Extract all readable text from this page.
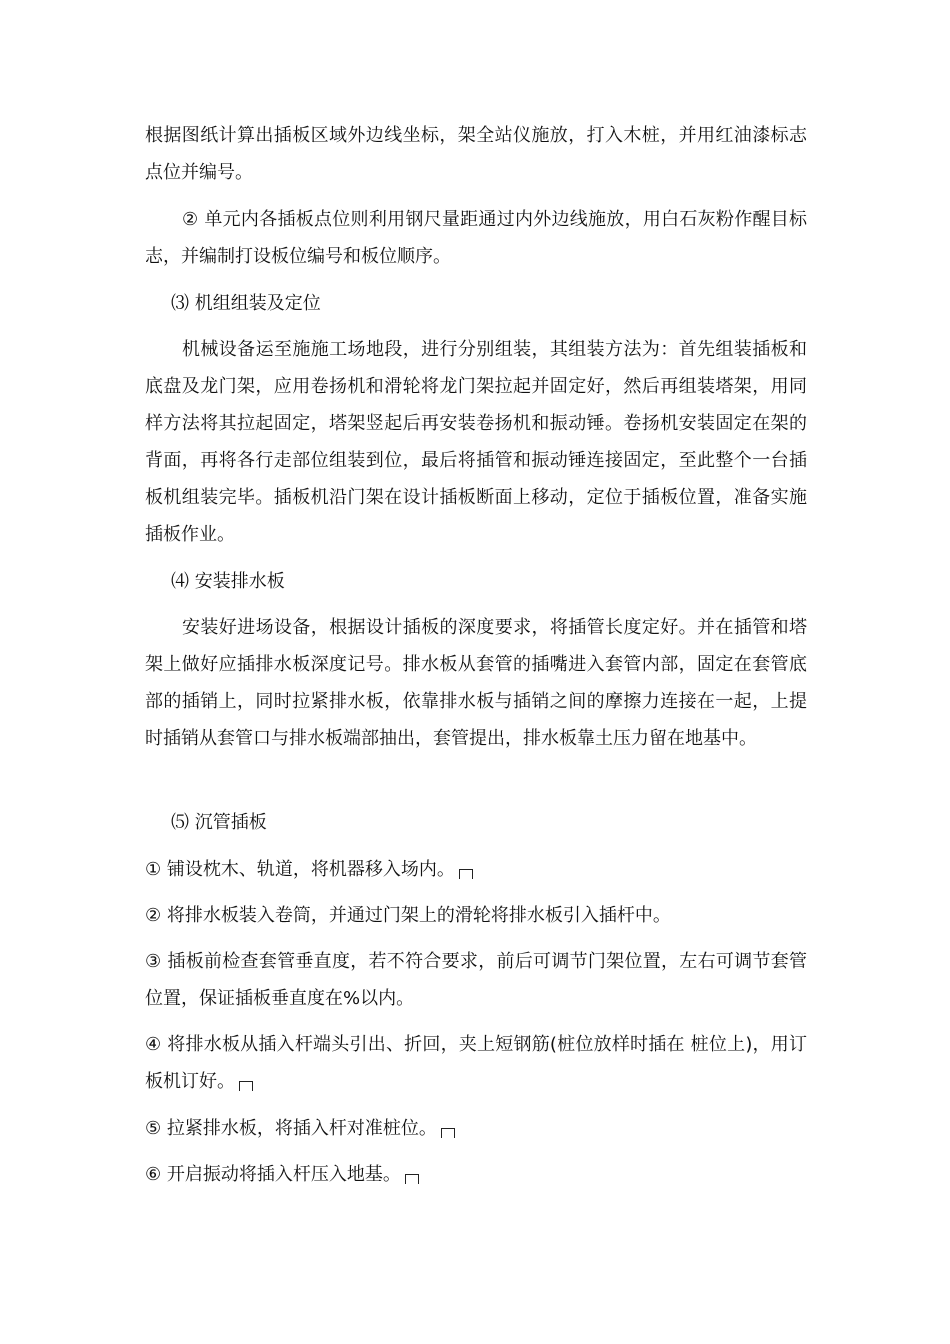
根据图纸计算出插板区域外边线坐标，架全站仪施放，打入木桩，并用红油漆标志点位并编号。

② 单元内各插板点位则利用钢尺量距通过内外边线施放，用白石灰粉作醒目标志，并编制打设板位编号和板位顺序。

⑶ 机组组装及定位

机械设备运至施施工场地段，进行分别组装，其组装方法为：首先组装插板和底盘及龙门架，应用卷扬机和滑轮将龙门架拉起并固定好，然后再组装塔架，用同样方法将其拉起固定，塔架竖起后再安装卷扬机和振动锤。卷扬机安装固定在架的背面，再将各行走部位组装到位，最后将插管和振动锤连接固定，至此整个一台插板机组装完毕。插板机沿门架在设计插板断面上移动，定位于插板位置，准备实施插板作业。

⑷ 安装排水板

安装好进场设备，根据设计插板的深度要求，将插管长度定好。并在插管和塔架上做好应插排水板深度记号。排水板从套管的插嘴进入套管内部，固定在套管底部的插销上，同时拉紧排水板，依靠排水板与插销之间的摩擦力连接在一起，上提时插销从套管口与排水板端部抽出，套管提出，排水板靠土压力留在地基中。

⑸ 沉管插板

① 铺设枕木、轨道，将机器移入场内。

② 将排水板装入卷筒，并通过门架上的滑轮将排水板引入插杆中。

③ 插板前检查套管垂直度，若不符合要求，前后可调节门架位置，左右可调节套管位置，保证插板垂直度在%以内。

④ 将排水板从插入杆端头引出、折回，夹上短钢筋(桩位放样时插在 桩位上)，用订板机订好。

⑤ 拉紧排水板，将插入杆对准桩位。

⑥ 开启振动将插入杆压入地基。
